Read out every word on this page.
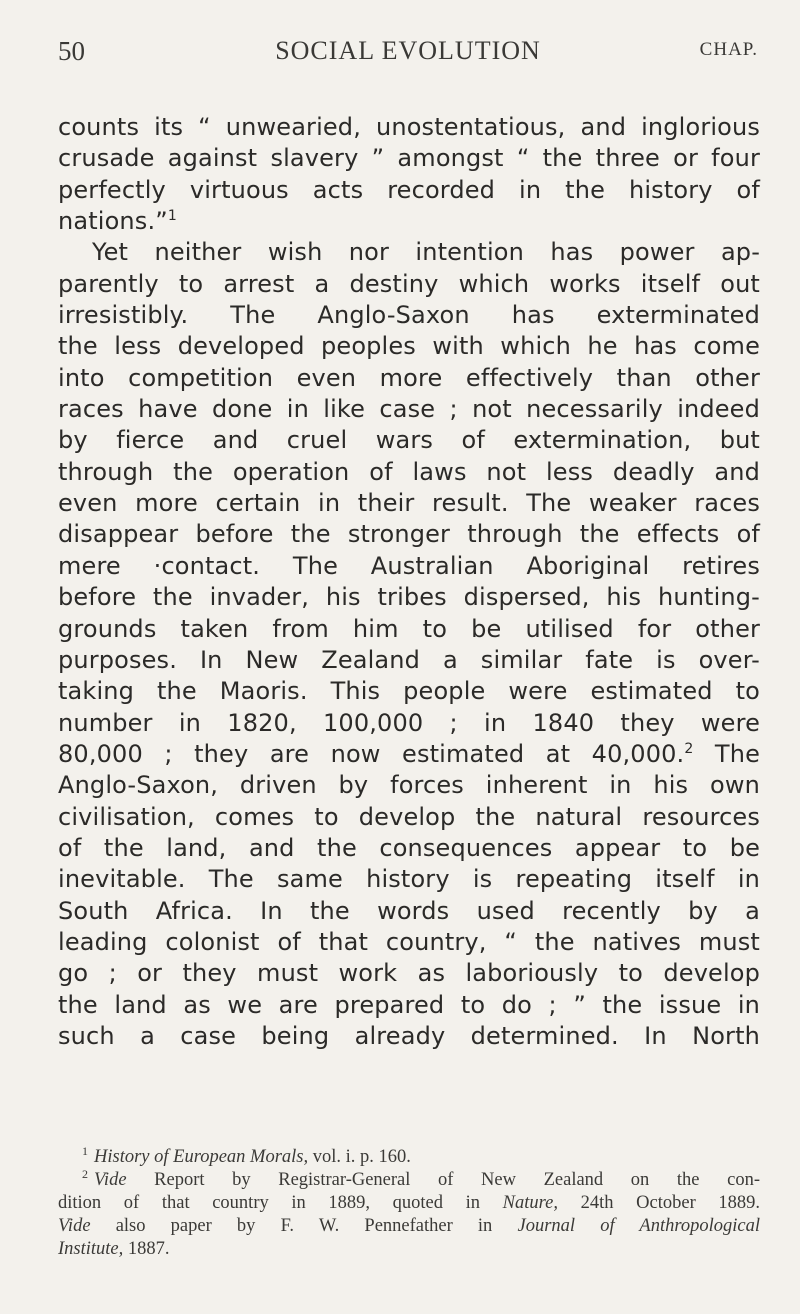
50	SOCIAL EVOLUTION	CHAP.
counts its “ unwearied, unostentatious, and inglorious
crusade against slavery ” amongst “ the three or four
perfectly virtuous acts recorded in the history of
nations.”$^1$
Yet neither wish nor intention has power ap-
parently to arrest a destiny which works itself out
irresistibly. The Anglo-Saxon has exterminated
the less developed peoples with which he has come
into competition even more effectively than other
races have done in like case ; not necessarily indeed
by fierce and cruel wars of extermination, but
through the operation of laws not less deadly and
even more certain in their result. The weaker races
disappear before the stronger through the effects of
mere ·contact. The Australian Aboriginal retires
before the invader, his tribes dispersed, his hunting-
grounds taken from him to be utilised for other
purposes. In New Zealand a similar fate is over-
taking the Maoris. This people were estimated to
number in 1820, 100,000 ; in 1840 they were
80,000 ; they are now estimated at 40,000.$^2$ The
Anglo-Saxon, driven by forces inherent in his own
civilisation, comes to develop the natural resources
of the land, and the consequences appear to be
inevitable. The same history is repeating itself in
South Africa. In the words used recently by a
leading colonist of that country, “ the natives must
go ; or they must work as laboriously to develop
the land as we are prepared to do ; ” the issue in
such a case being already determined. In North
$^1$ History of European Morals, vol. i. p. 160.
$^2$ Vide Report by Registrar-General of New Zealand on the con-
dition of that country in 1889, quoted in Nature, 24th October 1889.
Vide also paper by F. W. Pennefather in Journal of Anthropological
Institute, 1887.
